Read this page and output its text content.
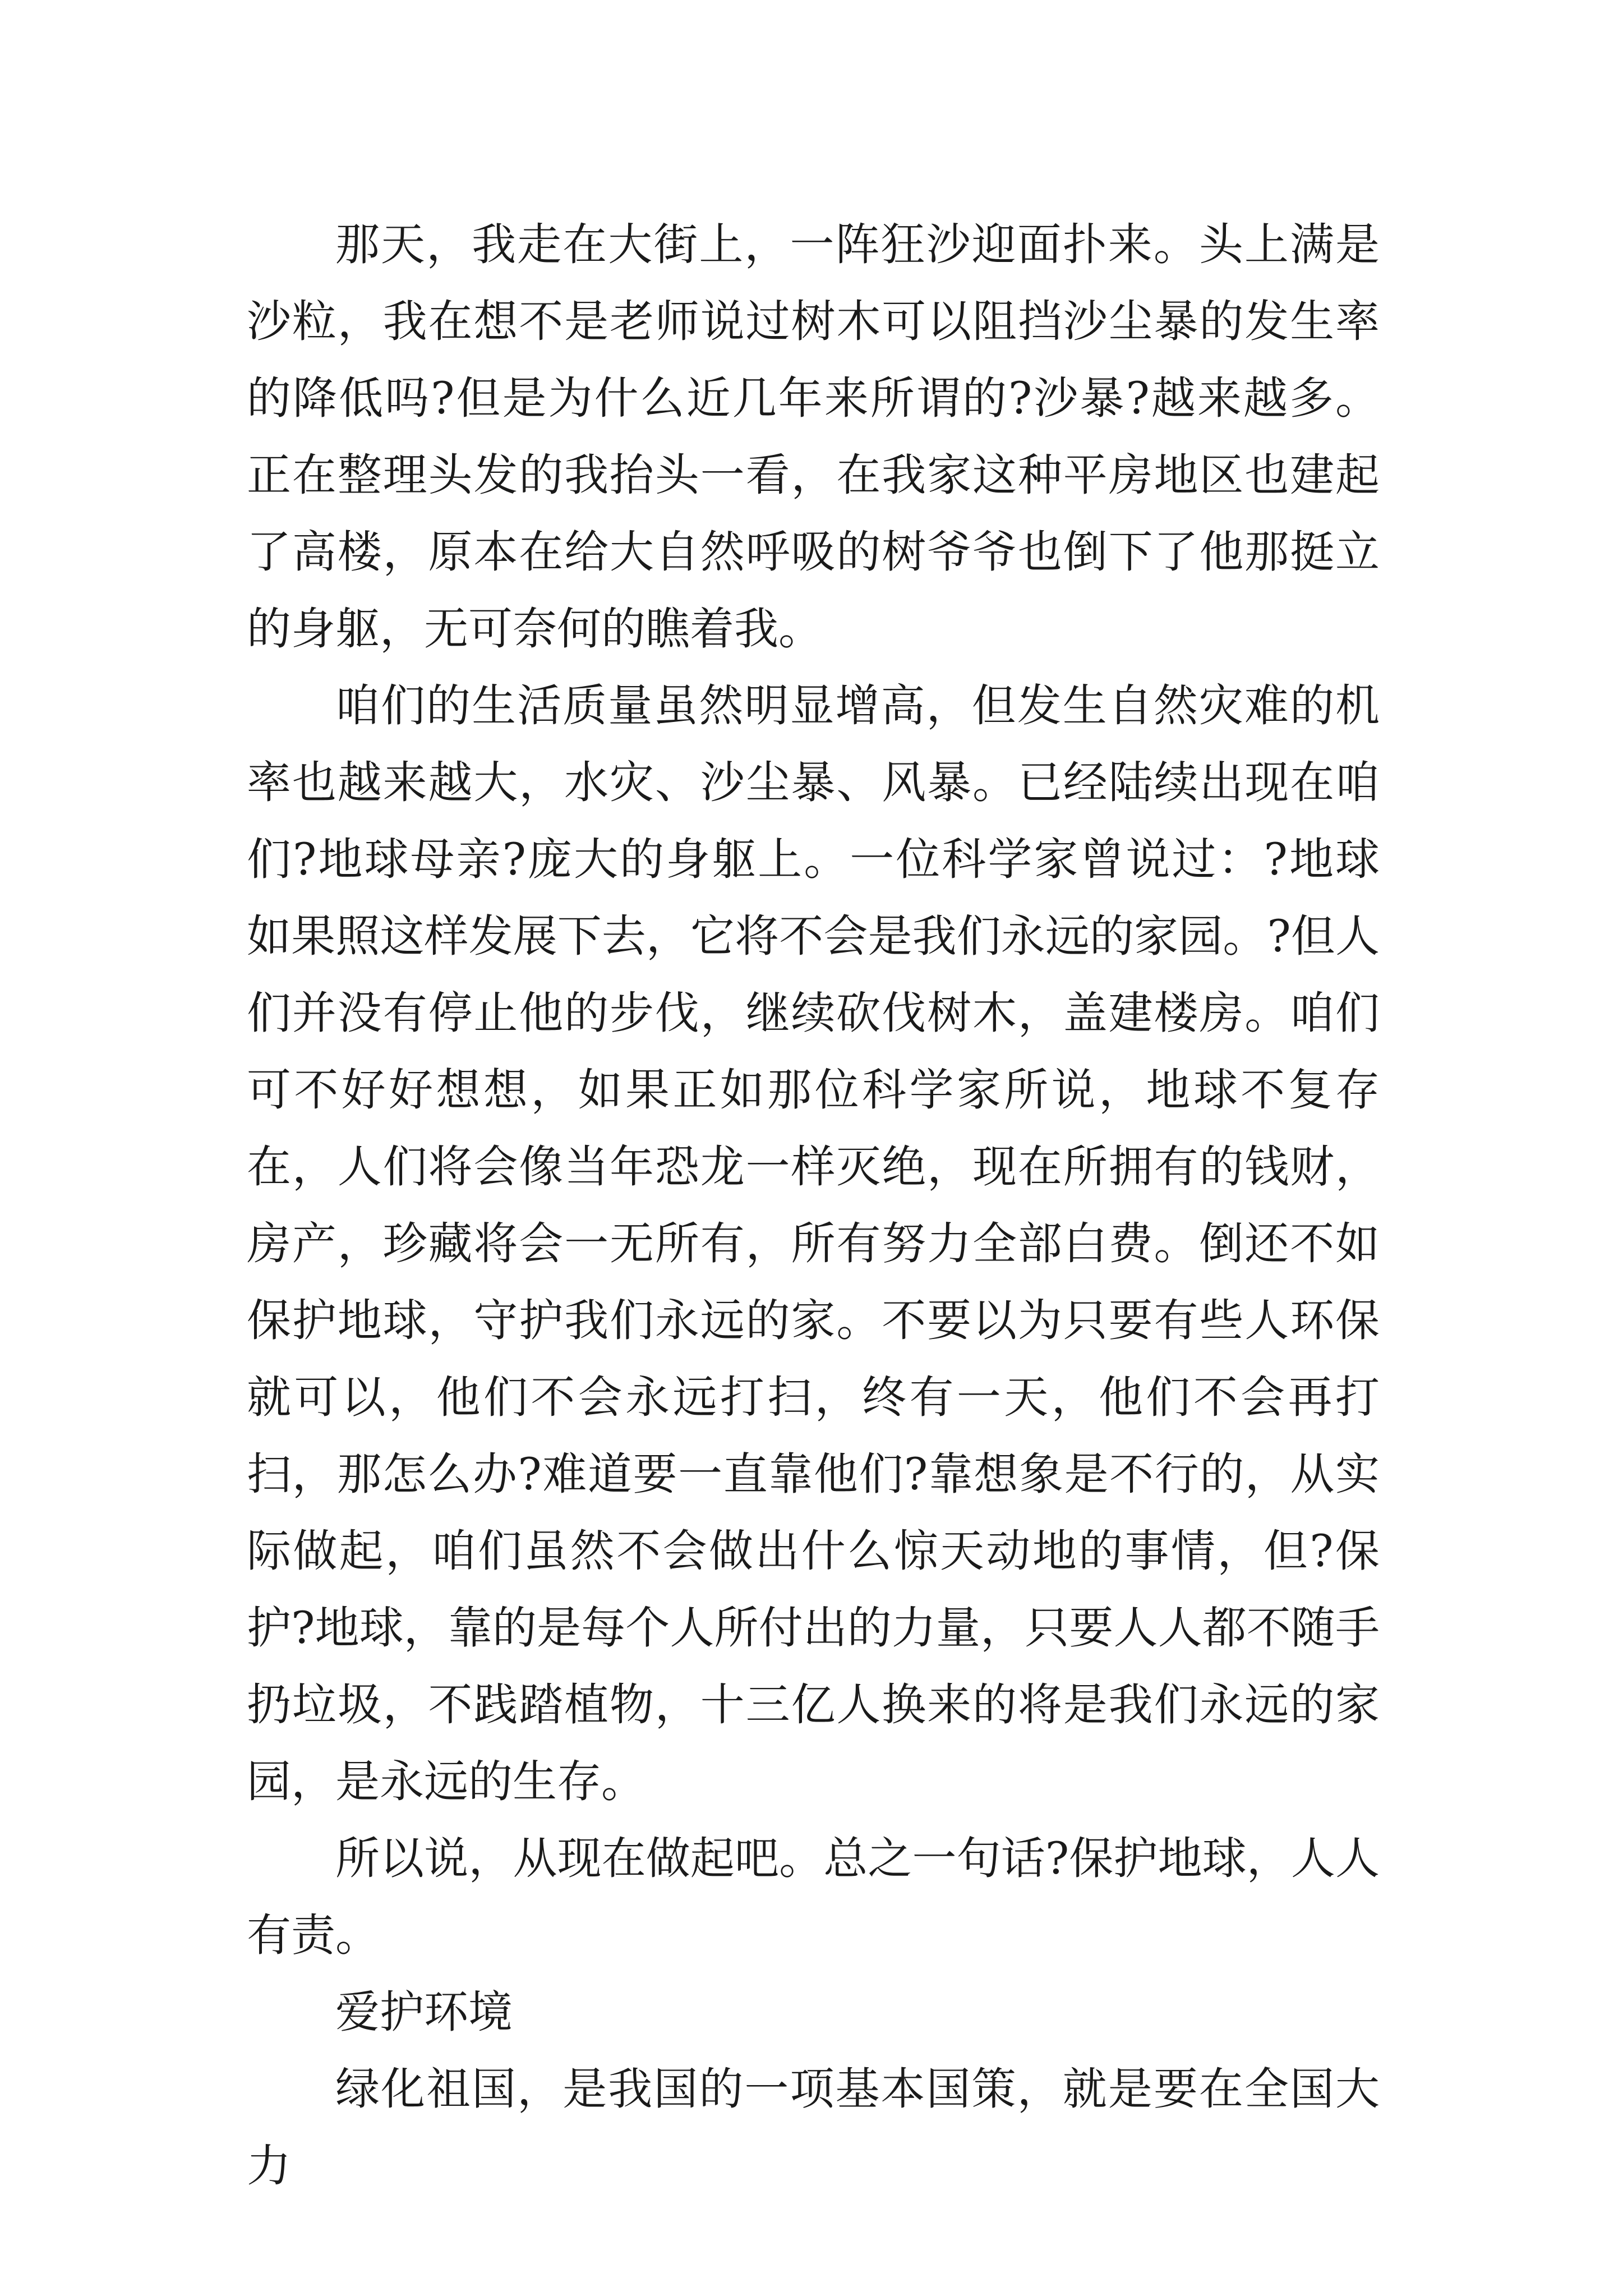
那天，我走在大街上，一阵狂沙迎面扑来。头上满是沙粒，我在想不是老师说过树木可以阻挡沙尘暴的发生率的降低吗?但是为什么近几年来所谓的?沙暴?越来越多。正在整理头发的我抬头一看，在我家这种平房地区也建起了高楼，原本在给大自然呼吸的树爷爷也倒下了他那挺立的身躯，无可奈何的瞧着我。

咱们的生活质量虽然明显增高，但发生自然灾难的机率也越来越大，水灾、沙尘暴、风暴。已经陆续出现在咱们?地球母亲?庞大的身躯上。一位科学家曾说过：?地球如果照这样发展下去，它将不会是我们永远的家园。?但人们并没有停止他的步伐，继续砍伐树木，盖建楼房。咱们可不好好想想，如果正如那位科学家所说，地球不复存在，人们将会像当年恐龙一样灭绝，现在所拥有的钱财，房产，珍藏将会一无所有，所有努力全部白费。倒还不如保护地球，守护我们永远的家。不要以为只要有些人环保就可以，他们不会永远打扫，终有一天，他们不会再打扫，那怎么办?难道要一直靠他们?靠想象是不行的，从实际做起，咱们虽然不会做出什么惊天动地的事情，但?保护?地球，靠的是每个人所付出的力量，只要人人都不随手扔垃圾，不践踏植物，十三亿人换来的将是我们永远的家园，是永远的生存。

所以说，从现在做起吧。总之一句话?保护地球，人人有责。

爱护环境

绿化祖国，是我国的一项基本国策，就是要在全国大力
